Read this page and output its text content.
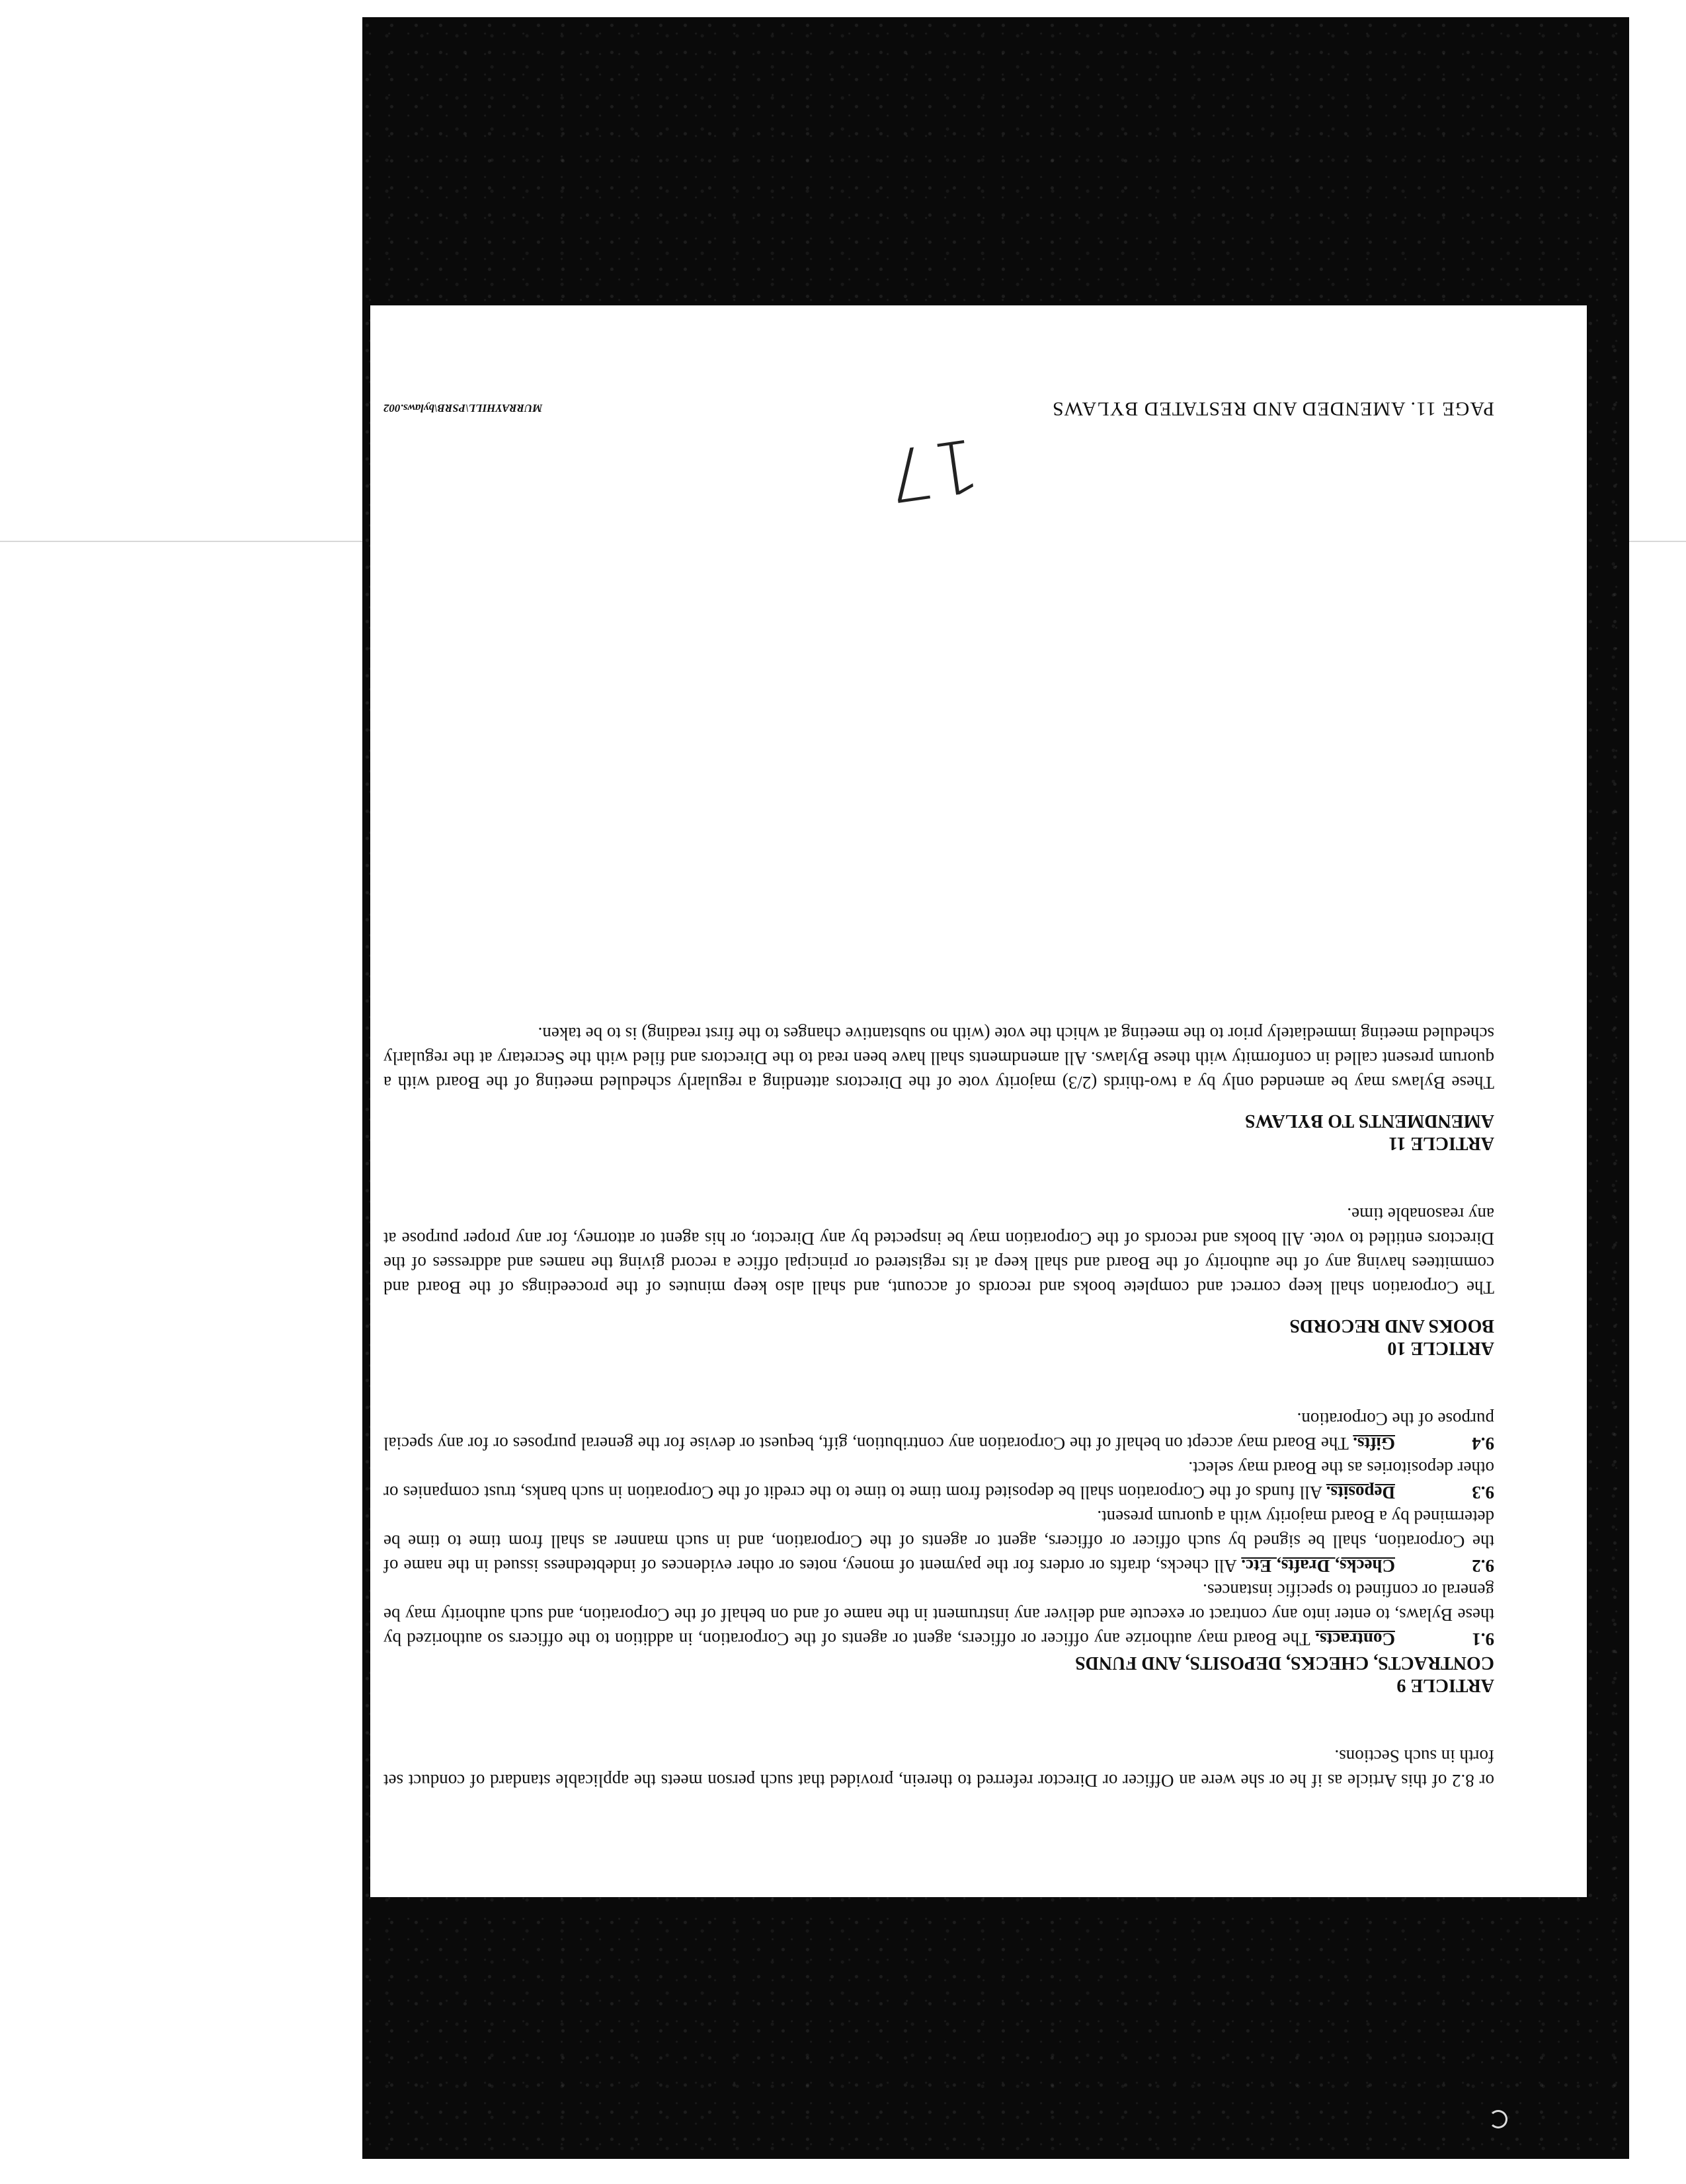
or 8.2 of this Article as if he or she were an Officer or Director referred to therein, provided that such person meets the applicable standard of conduct set forth in such Sections.

ARTICLE 9

CONTRACTS, CHECKS, DEPOSITS, AND FUNDS

9.1Contracts. The Board may authorize any officer or officers, agent or agents of the Corporation, in addition to the officers so authorized by these Bylaws, to enter into any contract or execute and deliver any instrument in the name of and on behalf of the Corporation, and such authority may be general or confined to specific instances.

9.2Checks, Drafts, Etc. All checks, drafts or orders for the payment of money, notes or other evidences of indebtedness issued in the name of the Corporation, shall be signed by such officer or officers, agent or agents of the Corporation, and in such manner as shall from time to time be determined by a Board majority with a quorum present.

9.3Deposits. All funds of the Corporation shall be deposited from time to time to the credit of the Corporation in such banks, trust companies or other depositories as the Board may select.

9.4Gifts. The Board may accept on behalf of the Corporation any contribution, gift, bequest or devise for the general purposes or for any special purpose of the Corporation.

ARTICLE 10

BOOKS AND RECORDS

The Corporation shall keep correct and complete books and records of account, and shall also keep minutes of the proceedings of the Board and committees having any of the authority of the Board and shall keep at its registered or principal office a record giving the names and addresses of the Directors entitled to vote. All books and records of the Corporation may be inspected by any Director, or his agent or attorney, for any proper purpose at any reasonable time.

ARTICLE 11

AMENDMENTS TO BYLAWS

These Bylaws may be amended only by a two-thirds (2/3) majority vote of the Directors attending a regularly scheduled meeting of the Board with a quorum present called in conformity with these Bylaws. All amendments shall have been read to the Directors and filed with the Secretary at the regularly scheduled meeting immediately prior to the meeting at which the vote (with no substantive changes to the first reading) is to be taken.

PAGE 11. AMENDED AND RESTATED BYLAWS
MURRAYHILL\PSRB\bylaws.002
17
